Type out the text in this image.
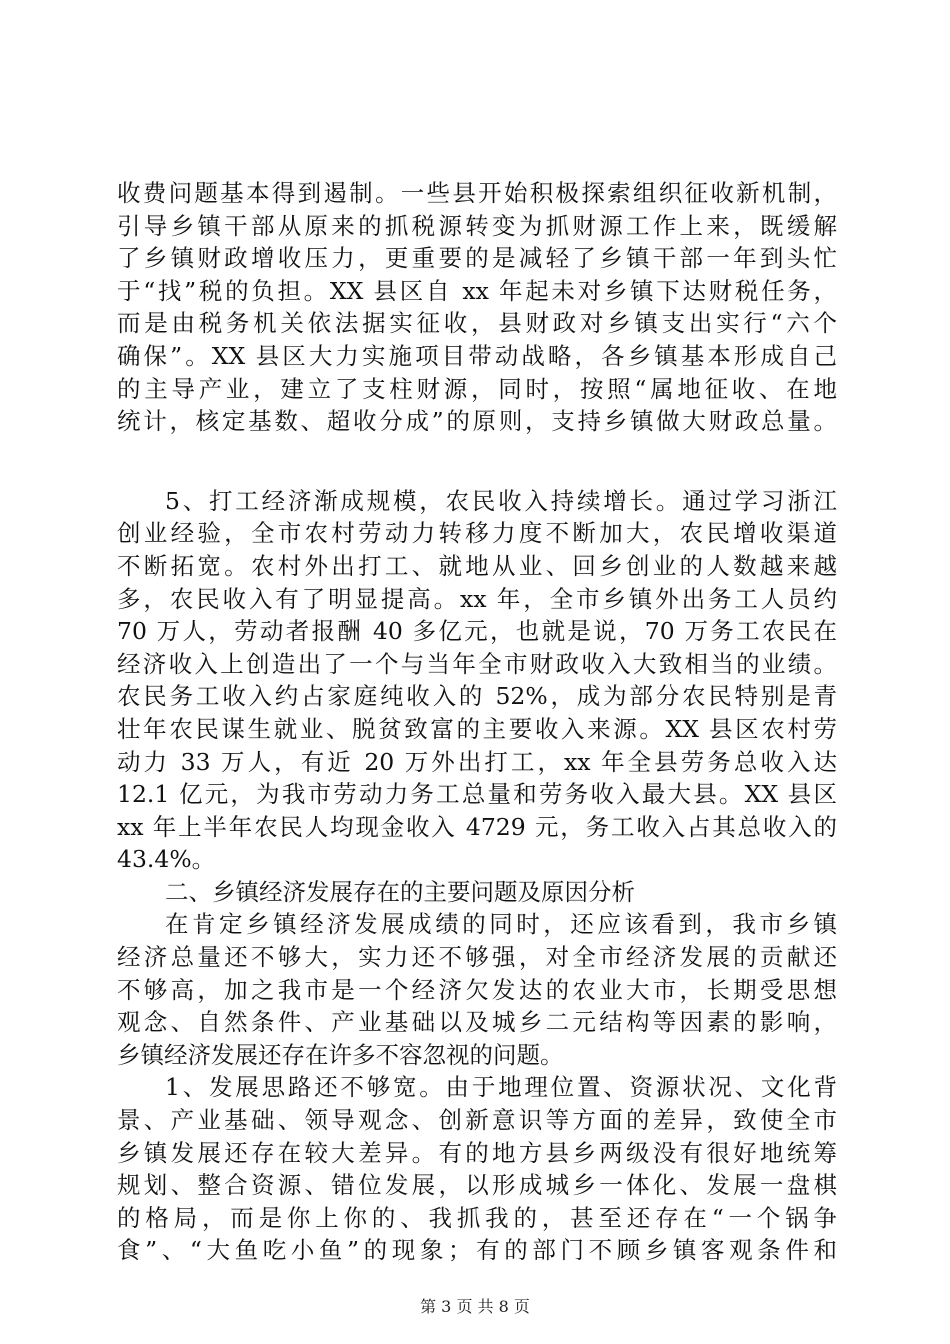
收费问题基本得到遏制。一些县开始积极探索组织征收新机制，
引导乡镇干部从原来的抓税源转变为抓财源工作上来，既缓解
了乡镇财政增收压力，更重要的是减轻了乡镇干部一年到头忙
于“找”税的负担。XX 县区自 xx 年起未对乡镇下达财税任务，
而是由税务机关依法据实征收，县财政对乡镇支出实行“六个
确保”。XX 县区大力实施项目带动战略，各乡镇基本形成自己
的主导产业，建立了支柱财源，同时，按照“属地征收、在地
统计，核定基数、超收分成”的原则，支持乡镇做大财政总量。
5、打工经济渐成规模，农民收入持续增长。通过学习浙江
创业经验，全市农村劳动力转移力度不断加大，农民增收渠道
不断拓宽。农村外出打工、就地从业、回乡创业的人数越来越
多，农民收入有了明显提高。xx 年，全市乡镇外出务工人员约
70 万人，劳动者报酬 40 多亿元，也就是说，70 万务工农民在
经济收入上创造出了一个与当年全市财政收入大致相当的业绩。
农民务工收入约占家庭纯收入的 52%，成为部分农民特别是青
壮年农民谋生就业、脱贫致富的主要收入来源。XX 县区农村劳
动力 33 万人，有近 20 万外出打工，xx 年全县劳务总收入达
12.1 亿元，为我市劳动力务工总量和劳务收入最大县。XX 县区
xx 年上半年农民人均现金收入 4729 元，务工收入占其总收入的
43.4%。
二、乡镇经济发展存在的主要问题及原因分析
在肯定乡镇经济发展成绩的同时，还应该看到，我市乡镇
经济总量还不够大，实力还不够强，对全市经济发展的贡献还
不够高，加之我市是一个经济欠发达的农业大市，长期受思想
观念、自然条件、产业基础以及城乡二元结构等因素的影响，
乡镇经济发展还存在许多不容忽视的问题。
1、发展思路还不够宽。由于地理位置、资源状况、文化背
景、产业基础、领导观念、创新意识等方面的差异，致使全市
乡镇发展还存在较大差异。有的地方县乡两级没有很好地统筹
规划、整合资源、错位发展，以形成城乡一体化、发展一盘棋
的格局，而是你上你的、我抓我的，甚至还存在“一个锅争
食”、“大鱼吃小鱼”的现象；有的部门不顾乡镇客观条件和
第 3 页 共 8 页
